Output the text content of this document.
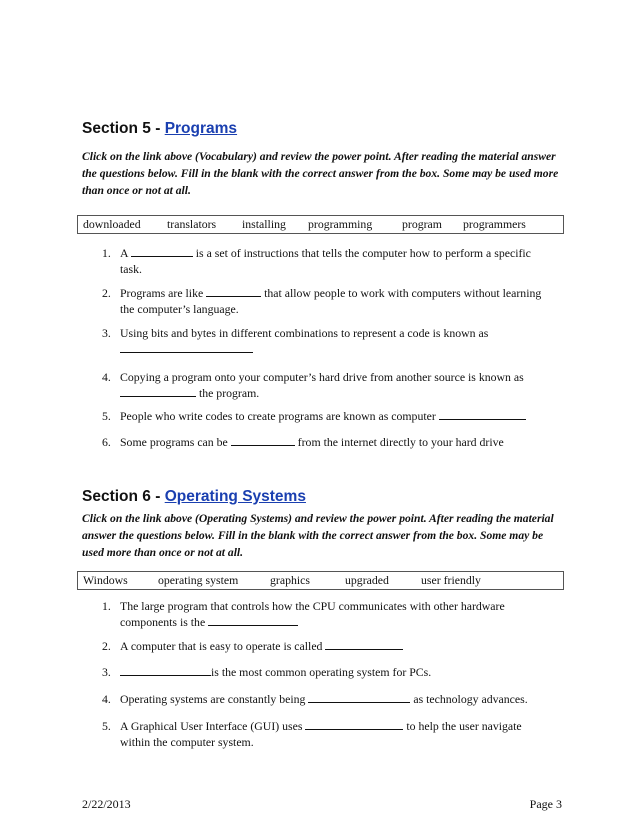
Section 5 - Programs
Click on the link above (Vocabulary) and review the power point. After reading the material answer the questions below. Fill in the blank with the correct answer from the box. Some may be used more than once or not at all.
downloaded translators installing programming	program programmers
1. A	is a set of instructions that tells the computer how to perform a specific task.
2. Programs are like	that allow people to work with computers without learning the computer’s language.
3. Using bits and bytes in different combinations to represent a code is known as

4. Copying a program onto your computer’s hard drive from another source is known as  the program.
5. People who write codes to create programs are known as computer
6. Some programs can be	from the internet directly to your hard drive
Section 6 - Operating Systems
Click on the link above (Operating Systems) and review the power point. After reading the material answer the questions below. Fill in the blank with the correct answer from the box. Some may be used more than once or not at all.
Windows	operating system	graphics	upgraded	user friendly
1. The large program that controls how the CPU communicates with other hardware components is the
2. A computer that is easy to operate is called
3.	is the most common operating system for PCs.
4. Operating systems are constantly being	as technology advances.
5. A Graphical User Interface (GUI) uses	to help the user navigate within the computer system.
2/22/2013	Page 3
